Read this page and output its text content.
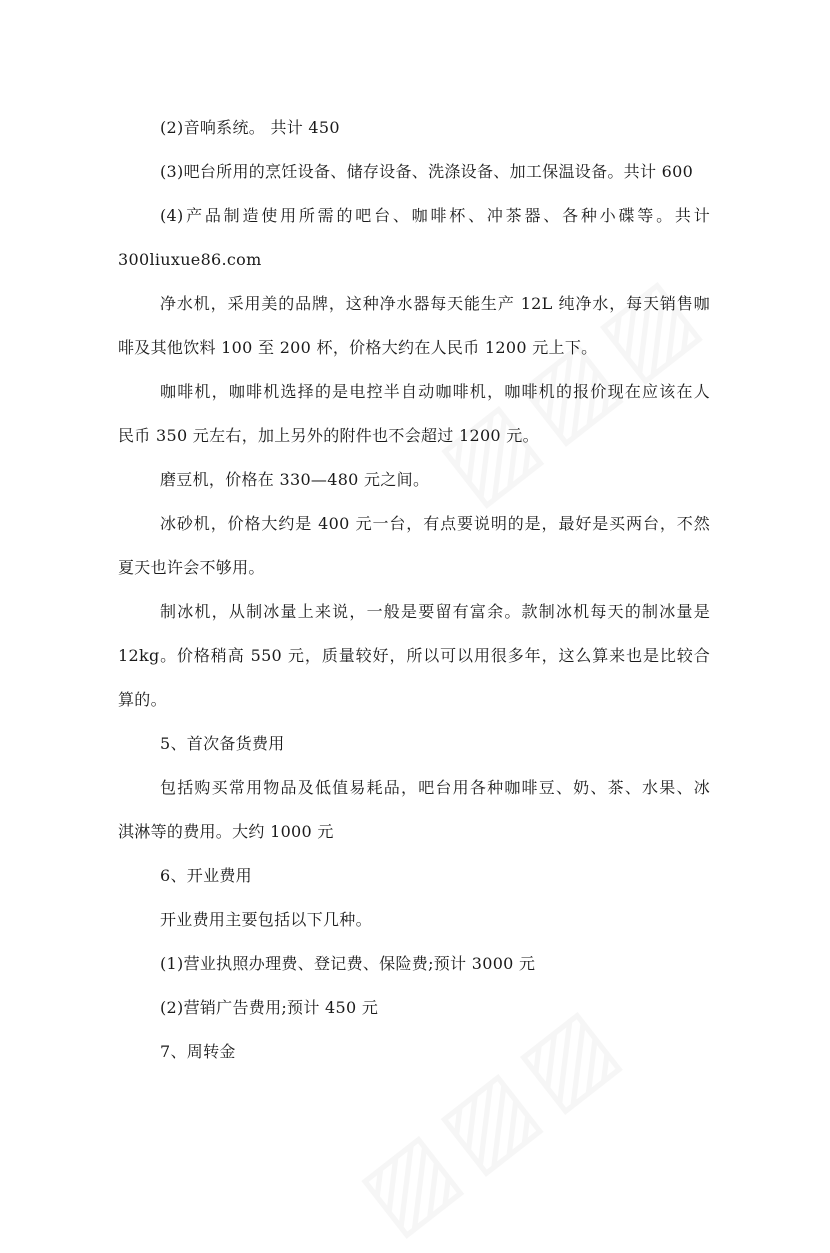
(2)音响系统。 共计 450
(3)吧台所用的烹饪设备、储存设备、洗涤设备、加工保温设备。共计 600
(4)产品制造使用所需的吧台、咖啡杯、冲茶器、各种小碟等。共计
300liuxue86.com
净水机，采用美的品牌，这种净水器每天能生产 12L 纯净水，每天销售咖
啡及其他饮料 100 至 200 杯，价格大约在人民币 1200 元上下。
咖啡机，咖啡机选择的是电控半自动咖啡机，咖啡机的报价现在应该在人
民币 350 元左右，加上另外的附件也不会超过 1200 元。
磨豆机，价格在 330—480 元之间。
冰砂机，价格大约是 400 元一台，有点要说明的是，最好是买两台，不然
夏天也许会不够用。
制冰机，从制冰量上来说，一般是要留有富余。款制冰机每天的制冰量是
12kg。价格稍高 550 元，质量较好，所以可以用很多年，这么算来也是比较合
算的。
5、首次备货费用
包括购买常用物品及低值易耗品，吧台用各种咖啡豆、奶、茶、水果、冰
淇淋等的费用。大约 1000 元
6、开业费用
开业费用主要包括以下几种。
(1)营业执照办理费、登记费、保险费;预计 3000 元
(2)营销广告费用;预计 450 元
7、周转金
